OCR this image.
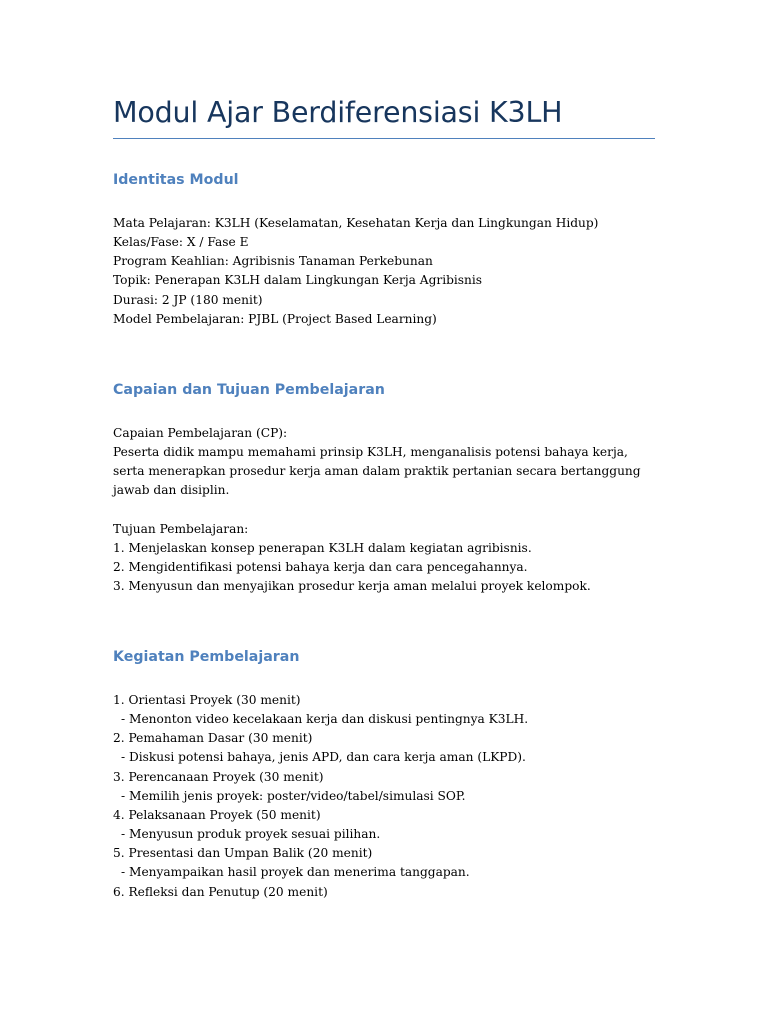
Modul Ajar Berdiferensiasi K3LH
Identitas Modul
Mata Pelajaran: K3LH (Keselamatan, Kesehatan Kerja dan Lingkungan Hidup)
Kelas/Fase: X / Fase E
Program Keahlian: Agribisnis Tanaman Perkebunan
Topik: Penerapan K3LH dalam Lingkungan Kerja Agribisnis
Durasi: 2 JP (180 menit)
Model Pembelajaran: PJBL (Project Based Learning)
Capaian dan Tujuan Pembelajaran
Capaian Pembelajaran (CP):
Peserta didik mampu memahami prinsip K3LH, menganalisis potensi bahaya kerja, serta menerapkan prosedur kerja aman dalam praktik pertanian secara bertanggung jawab dan disiplin.
Tujuan Pembelajaran:
1. Menjelaskan konsep penerapan K3LH dalam kegiatan agribisnis.
2. Mengidentifikasi potensi bahaya kerja dan cara pencegahannya.
3. Menyusun dan menyajikan prosedur kerja aman melalui proyek kelompok.
Kegiatan Pembelajaran
1. Orientasi Proyek (30 menit)
- Menonton video kecelakaan kerja dan diskusi pentingnya K3LH.
2. Pemahaman Dasar (30 menit)
- Diskusi potensi bahaya, jenis APD, dan cara kerja aman (LKPD).
3. Perencanaan Proyek (30 menit)
- Memilih jenis proyek: poster/video/tabel/simulasi SOP.
4. Pelaksanaan Proyek (50 menit)
- Menyusun produk proyek sesuai pilihan.
5. Presentasi dan Umpan Balik (20 menit)
- Menyampaikan hasil proyek dan menerima tanggapan.
6. Refleksi dan Penutup (20 menit)
